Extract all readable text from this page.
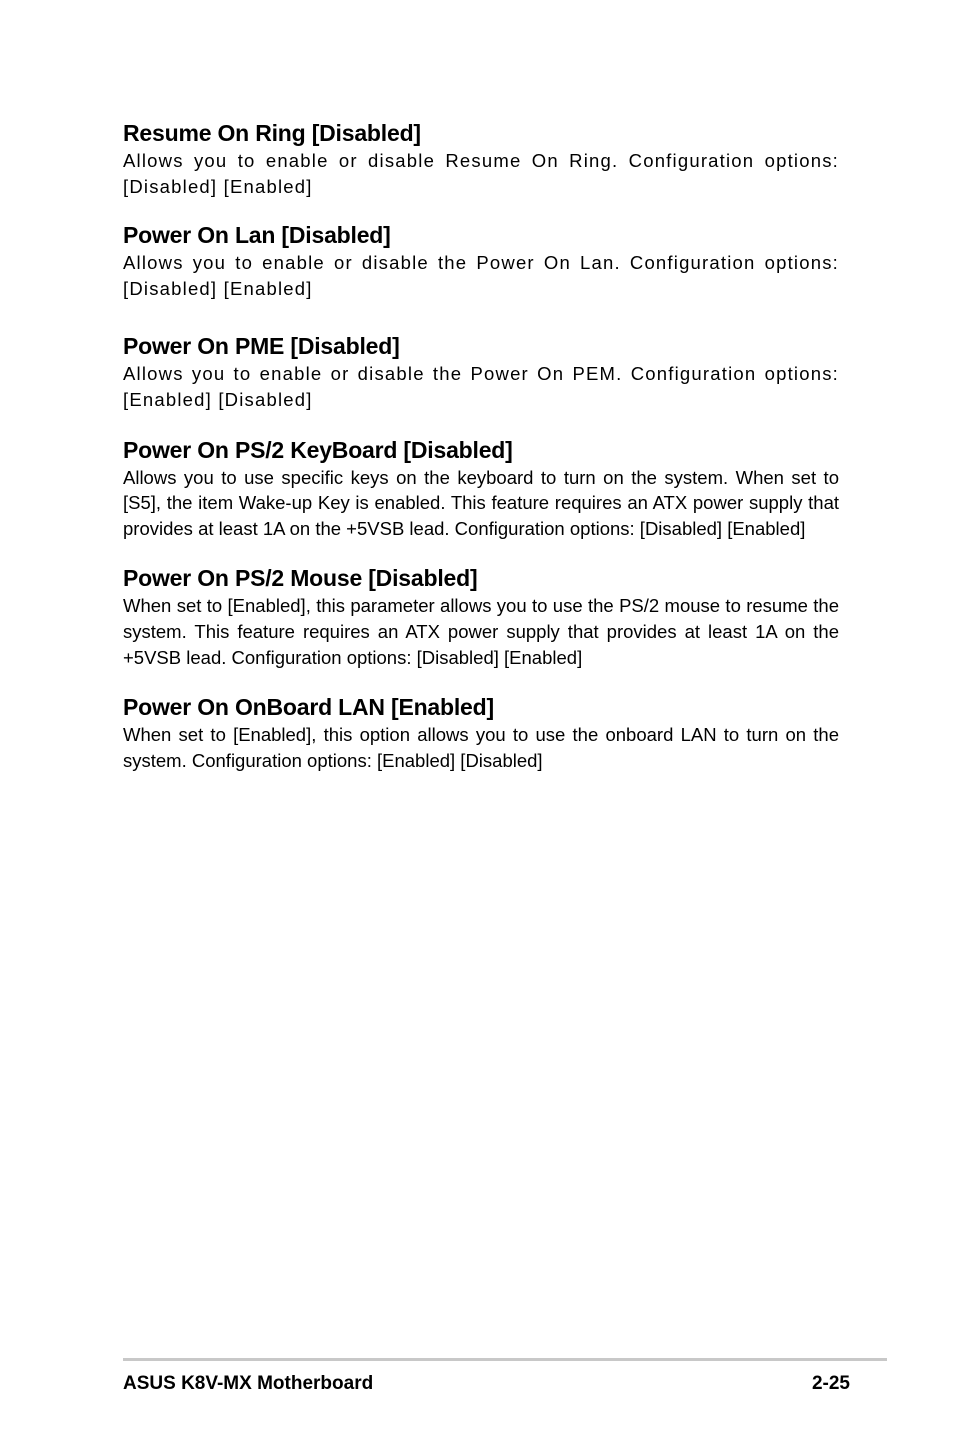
Resume On Ring [Disabled]

Allows you to enable or disable Resume On Ring. Configuration options: [Disabled] [Enabled]

Power On Lan [Disabled]

Allows you to enable or disable the Power On Lan. Configuration options: [Disabled] [Enabled]

Power On PME [Disabled]

Allows you to enable or disable the Power On PEM. Configuration options: [Enabled] [Disabled]

Power On PS/2 KeyBoard [Disabled]

Allows you to use specific keys on the keyboard to turn on the system. When set to [S5], the item Wake-up Key is enabled. This feature requires an ATX power supply that provides at least 1A on the +5VSB lead. Configuration options: [Disabled] [Enabled]

Power On PS/2 Mouse [Disabled]

When set to [Enabled], this parameter allows you to use the PS/2 mouse to resume the system. This feature requires an ATX power supply that provides at least 1A on the +5VSB lead. Configuration options: [Disabled] [Enabled]

Power On OnBoard LAN [Enabled]

When set to [Enabled], this option allows you to use the onboard LAN to turn on the system. Configuration options: [Enabled] [Disabled]

ASUS K8V-MX Motherboard	2-25
